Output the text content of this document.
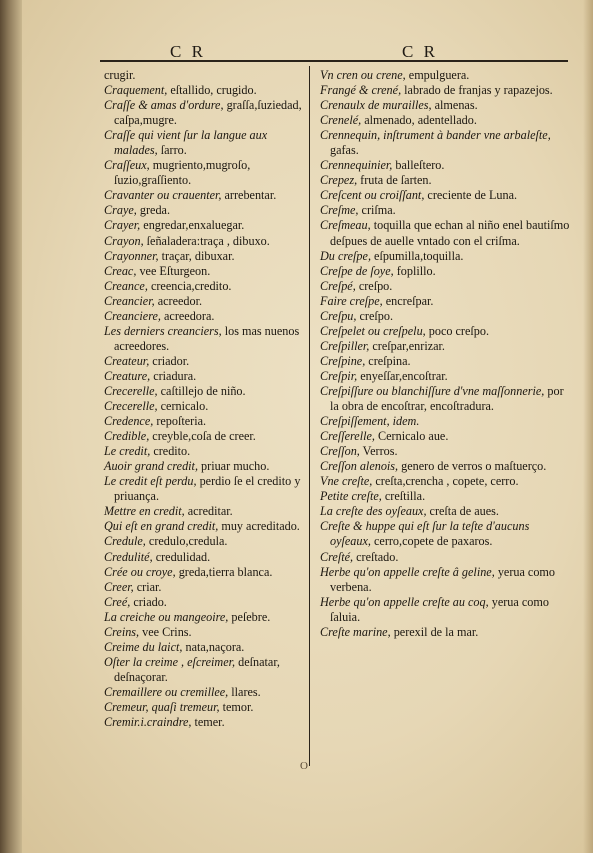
C R	C R
crugir.
Craquement, eſtallido, crugido.
Craſſe & amas d'ordure, graſſa,ſuziedad, caſpa,mugre.
Craſſe qui vient ſur la langue aux malades, ſarro.
Craſſeux, mugriento,mugroſo, ſuzio,graſſiento.
Cravanter ou crauenter, arrebentar.
Craye, greda.
Crayer, engredar,enxaluegar.
Crayon, ſeñaladera:traça , dibuxo.
Crayonner, traçar, dibuxar.
Creac, vee Eſturgeon.
Creance, creencia,credito.
Creancier, acreedor.
Creanciere, acreedora.
Les derniers creanciers, los mas nuenos acreedores.
Createur, criador.
Creature, criadura.
Crecerelle, caſtillejo de niño.
Crecerelle, cernicalo.
Credence, repoſteria.
Credible, creyble,coſa de creer.
Le credit, credito.
Auoir grand credit, priuar mucho.
Le credit eſt perdu, perdio ſe el credito y priuança.
Mettre en credit, acreditar.
Qui eſt en grand credit, muy acreditado.
Credule, credulo,credula.
Credulité, credulidad.
Crée ou croye, greda,tierra blanca.
Creer, criar.
Creé, criado.
La creiche ou mangeoire, peſebre.
Creins, vee Crins.
Creime du laict, nata,naçora.
Oſter la creime , eſcreimer, deſnatar, deſnaçorar.
Cremaillere ou cremillee, llares.
Cremeur, quaſi tremeur, temor.
Cremir.i.craindre, temer.
Vn cren ou crene, empulguera.
Frangé & crené, labrado de franjas y rapazejos.
Crenaulx de murailles, almenas.
Crenelé, almenado, adentellado.
Crennequin, inſtrument à bander vne arbaleſte, gafas.
Crennequinier, balleſtero.
Crepez, fruta de ſarten.
Creſcent ou croiſſant, creciente de Luna.
Creſme, criſma.
Creſmeau, toquilla que echan al niño enel bautiſmo deſpues de auelle vntado con el criſma.
Du creſpe, eſpumilla,toquilla.
Creſpe de ſoye, foplillo.
Creſpé, creſpo.
Faire creſpe, encreſpar.
Creſpu, creſpo.
Creſpelet ou creſpelu, poco creſpo.
Creſpiller, creſpar,enrizar.
Creſpine, creſpina.
Creſpir, enyeſſar,encoſtrar.
Creſpiſſure ou blanchiſſure d'vne maſſonnerie, por la obra de encoſtrar, encoſtradura.
Creſpiſſement, idem.
Creſſerelle, Cernicalo aue.
Creſſon, Verros.
Creſſon alenois, genero de verros o maſtuerço.
Vne creſte, creſta,crencha , copete, cerro.
Petite creſte, creſtilla.
La creſte des oyſeaux, creſta de aues.
Creſte & huppe qui eſt ſur la teſte d'aucuns oyſeaux, cerro,copete de paxaros.
Creſté, creſtado.
Herbe qu'on appelle creſte â geline, yerua como verbena.
Herbe qu'on appelle creſte au coq, yerua como ſaluia.
Creſte marine, perexil de la mar.
O
